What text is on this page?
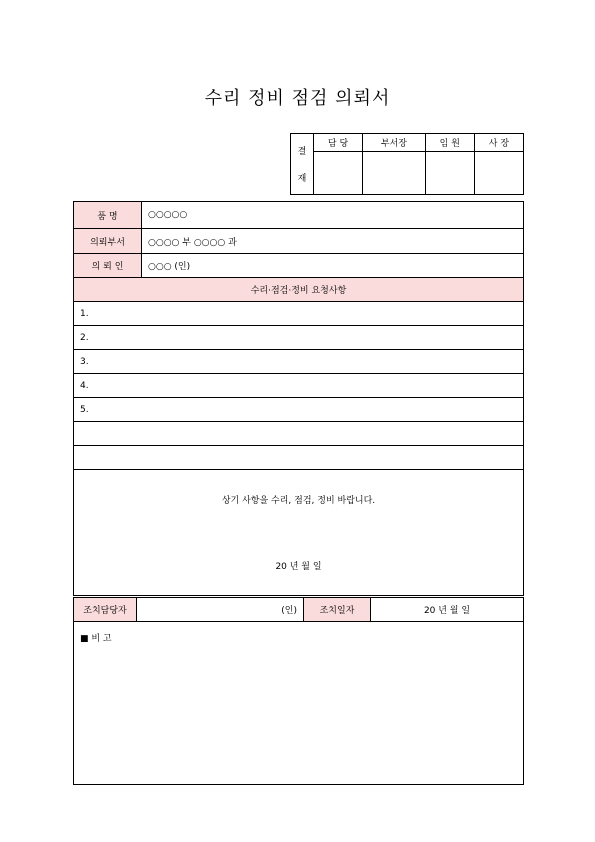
수리 정비 점검 의뢰서
결
재	담 당	부서장	임 원	사 장

품 명	○○○○○
의뢰부서	○○○○ 부 ○○○○ 과
의 뢰 인	○○○ (인)
수리·점검·정비 요청사항	
1.	
2.	
3.	
4.	
5.	

상기 사항을 수리, 점검, 정비 바랍니다.
20 년 월 일	
조치담당자	(인)	조치일자	20 년 월 일
■ 비 고
